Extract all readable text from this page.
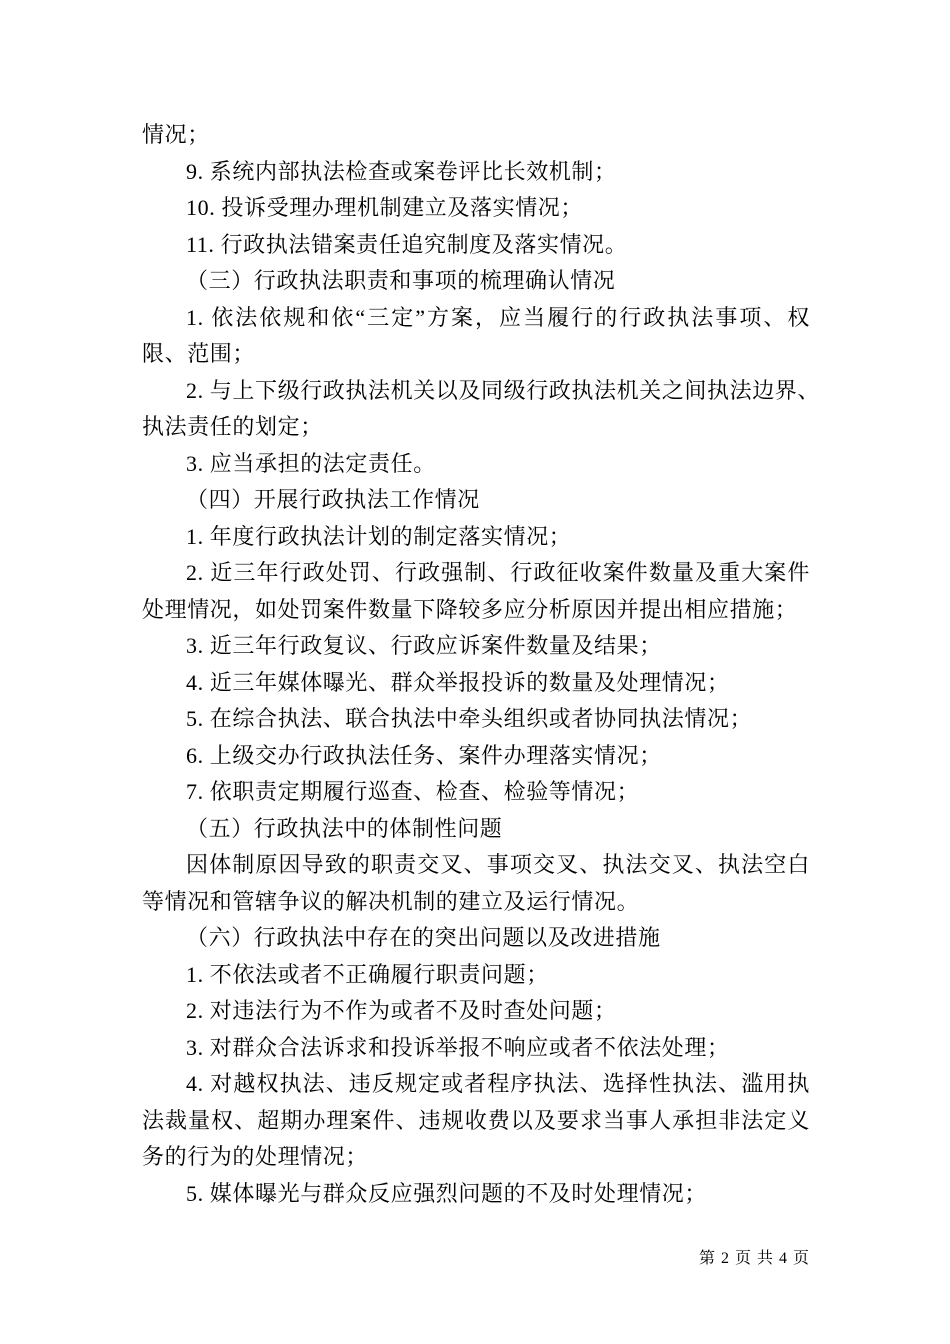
情况；

9. 系统内部执法检查或案卷评比长效机制；

10. 投诉受理办理机制建立及落实情况；

11. 行政执法错案责任追究制度及落实情况。

（三）行政执法职责和事项的梳理确认情况

1. 依法依规和依“三定”方案，应当履行的行政执法事项、权

限、范围；

2. 与上下级行政执法机关以及同级行政执法机关之间执法边界、

执法责任的划定；

3. 应当承担的法定责任。

（四）开展行政执法工作情况

1. 年度行政执法计划的制定落实情况；

2. 近三年行政处罚、行政强制、行政征收案件数量及重大案件

处理情况，如处罚案件数量下降较多应分析原因并提出相应措施；

3. 近三年行政复议、行政应诉案件数量及结果；

4. 近三年媒体曝光、群众举报投诉的数量及处理情况；

5. 在综合执法、联合执法中牵头组织或者协同执法情况；

6. 上级交办行政执法任务、案件办理落实情况；

7. 依职责定期履行巡查、检查、检验等情况；

（五）行政执法中的体制性问题

因体制原因导致的职责交叉、事项交叉、执法交叉、执法空白

等情况和管辖争议的解决机制的建立及运行情况。

（六）行政执法中存在的突出问题以及改进措施

1. 不依法或者不正确履行职责问题；

2. 对违法行为不作为或者不及时查处问题；

3. 对群众合法诉求和投诉举报不响应或者不依法处理；

4. 对越权执法、违反规定或者程序执法、选择性执法、滥用执

法裁量权、超期办理案件、违规收费以及要求当事人承担非法定义

务的行为的处理情况；

5. 媒体曝光与群众反应强烈问题的不及时处理情况；

第 2 页 共 4 页
